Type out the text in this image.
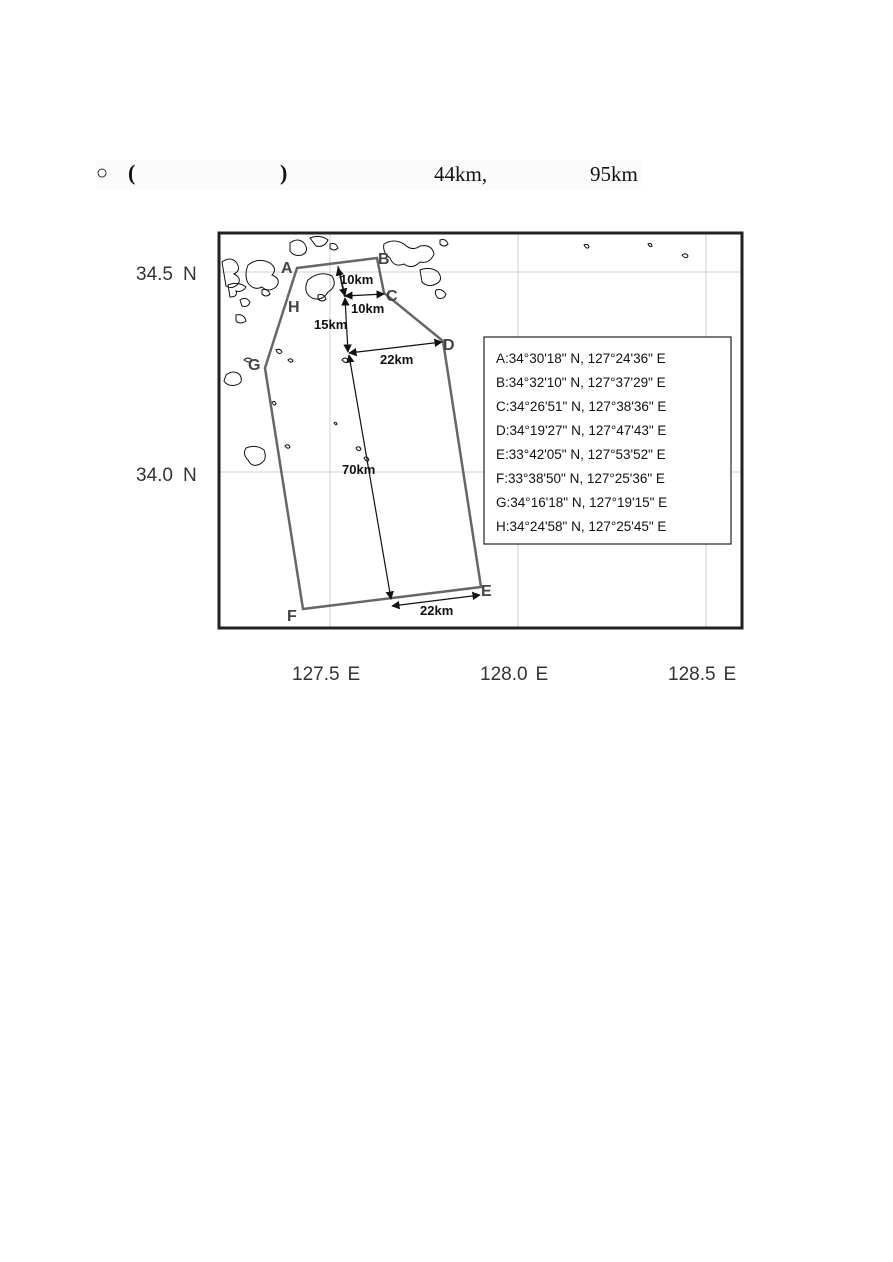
○ (	)	44km,	95km
A
B
C
D
E
F
G
H
10km
10km
15km
22km
70km
22km
A:34°30'18" N, 127°24'36" E
B:34°32'10" N, 127°37'29" E
C:34°26'51" N, 127°38'36" E
D:34°19'27" N, 127°47'43" E
E:33°42'05" N, 127°53'52" E
F:33°38'50" N, 127°25'36" E
G:34°16'18" N, 127°19'15" E
H:34°24'58" N, 127°25'45" E
34.5 N
34.0 N
127.5 E	128.0 E	128.5 E
